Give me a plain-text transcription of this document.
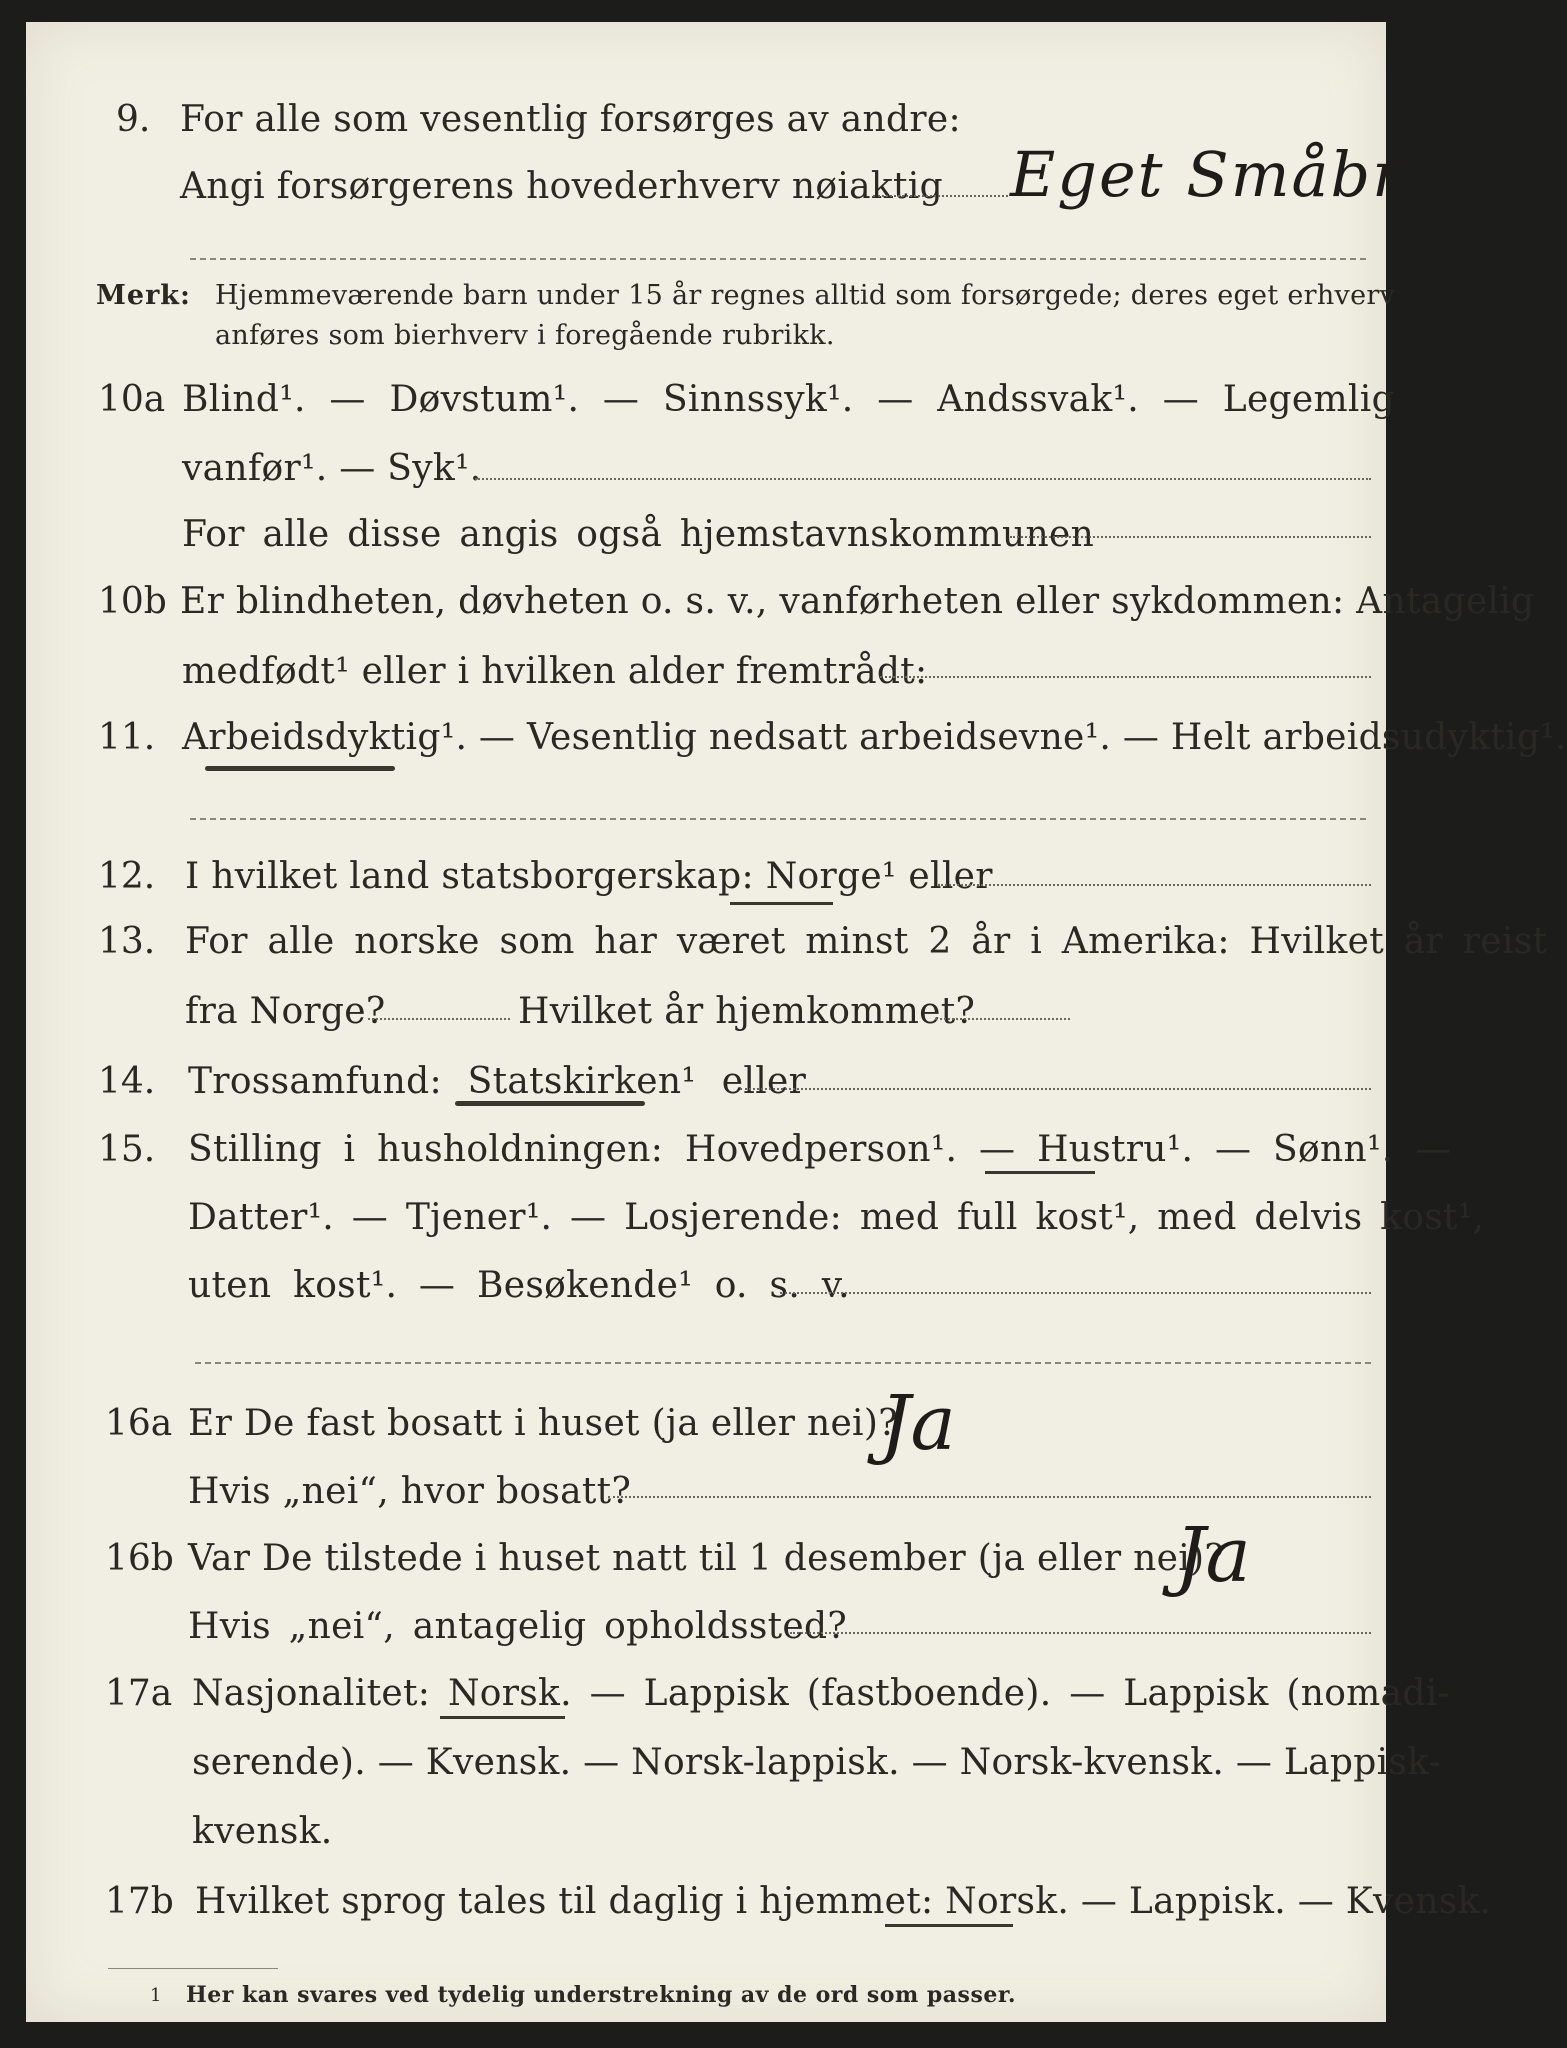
9. For alle som vesentlig forsørges av andre:
Angi forsørgerens hovederhverv nøiaktig Eget Småbr
Merk: Hjemmeværende barn under 15 år regnes alltid som forsørgede; deres eget erhverv
anføres som bierhverv i foregående rubrikk.
10a Blind¹. — Døvstum¹. — Sinnssyk¹. — Andssvak¹. — Legemlig
vanfør¹. — Syk¹.
For alle disse angis også hjemstavnskommunen
10b Er blindheten, døvheten o. s. v., vanførheten eller sykdommen: Antagelig
medfødt¹ eller i hvilken alder fremtrådt:
11. Arbeidsdyktig¹. — Vesentlig nedsatt arbeidsevne¹. — Helt arbeidsudyktig¹.
12. I hvilket land statsborgerskap: Norge¹ eller
13. For alle norske som har været minst 2 år i Amerika: Hvilket år reist
fra Norge?	Hvilket år hjemkommet?
14. Trossamfund: Statskirken¹ eller
15. Stilling i husholdningen: Hovedperson¹. — Hustru¹. — Sønn¹. —
Datter¹. — Tjener¹. — Losjerende: med full kost¹, med delvis kost¹,
uten kost¹. — Besøkende¹ o. s. v.
16a Er De fast bosatt i huset (ja eller nei)?
Ja
Hvis „nei“, hvor bosatt?
16b Var De tilstede i huset natt til 1 desember (ja eller nei)?
Ja
Hvis „nei“, antagelig opholdssted?
17a Nasjonalitet: Norsk. — Lappisk (fastboende). — Lappisk (nomadi-
serende). — Kvensk. — Norsk-lappisk. — Norsk-kvensk. — Lappisk-
kvensk.
17b Hvilket sprog tales til daglig i hjemmet: Norsk. — Lappisk. — Kvensk.
1 Her kan svares ved tydelig understrekning av de ord som passer.
